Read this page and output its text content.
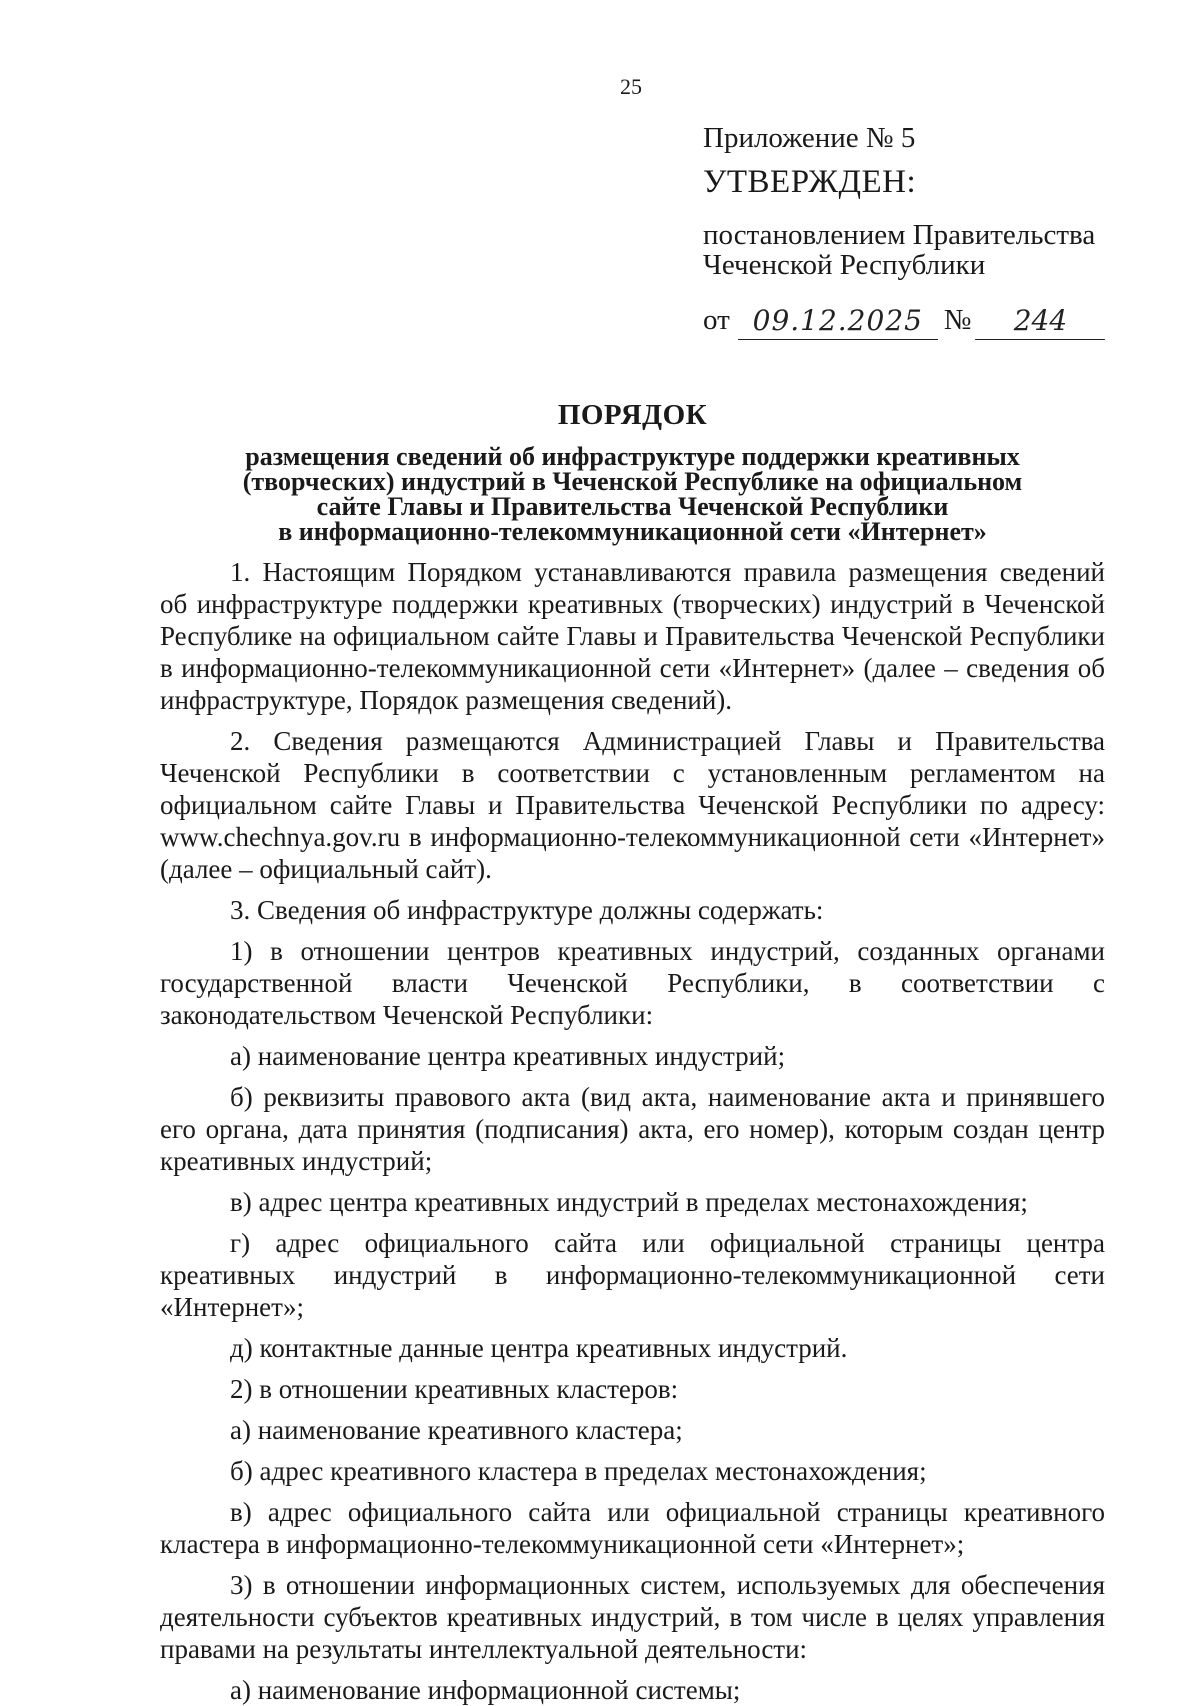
25
Приложение № 5
УТВЕРЖДЕН:
постановлением Правительства
Чеченской Республики
от 09.12.2025 №	244
ПОРЯДОК
размещения сведений об инфраструктуре поддержки креативных
(творческих) индустрий в Чеченской Республике на официальном
сайте Главы и Правительства Чеченской Республики
в информационно-телекоммуникационной сети «Интернет»

1. Настоящим Порядком устанавливаются правила размещения сведений об инфраструктуре поддержки креативных (творческих) индустрий в Чеченской Республике на официальном сайте Главы и Правительства Чеченской Республики в информационно-телекоммуникационной сети «Интернет» (далее – сведения об инфраструктуре, Порядок размещения сведений).

2. Сведения размещаются Администрацией Главы и Правительства Чеченской Республики в соответствии с установленным регламентом на официальном сайте Главы и Правительства Чеченской Республики по адресу: www.chechnya.gov.ru в информационно-телекоммуникационной сети «Интернет» (далее – официальный сайт).

3. Сведения об инфраструктуре должны содержать:

1) в отношении центров креативных индустрий, созданных органами государственной власти Чеченской Республики, в соответствии с законодательством Чеченской Республики:

а) наименование центра креативных индустрий;

б) реквизиты правового акта (вид акта, наименование акта и принявшего его органа, дата принятия (подписания) акта, его номер), которым создан центр креативных индустрий;

в) адрес центра креативных индустрий в пределах местонахождения;

г) адрес официального сайта или официальной страницы центра креативных индустрий в информационно-телекоммуникационной сети «Интернет»;

д) контактные данные центра креативных индустрий.

2) в отношении креативных кластеров:

а) наименование креативного кластера;

б) адрес креативного кластера в пределах местонахождения;

в) адрес официального сайта или официальной страницы креативного кластера в информационно-телекоммуникационной сети «Интернет»;

3) в отношении информационных систем, используемых для обеспечения деятельности субъектов креативных индустрий, в том числе в целях управления правами на результаты интеллектуальной деятельности:

а) наименование информационной системы;
